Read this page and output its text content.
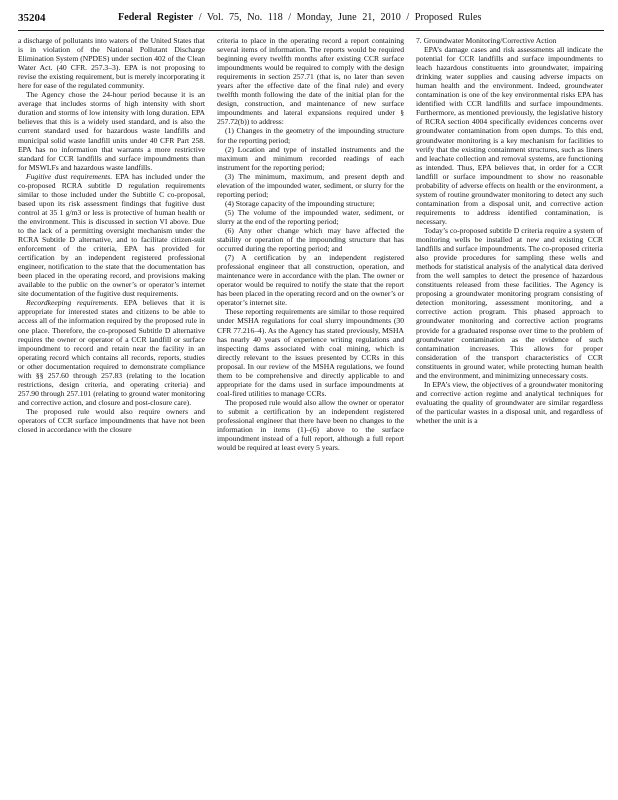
35204	Federal Register / Vol. 75, No. 118 / Monday, June 21, 2010 / Proposed Rules

a discharge of pollutants into waters of the United States that is in violation of the National Pollutant Discharge Elimination System (NPDES) under section 402 of the Clean Water Act. (40 CFR. 257.3–3). EPA is not proposing to revise the existing requirement, but is merely incorporating it here for ease of the regulated community.

The Agency chose the 24-hour period because it is an average that includes storms of high intensity with short duration and storms of low intensity with long duration. EPA believes that this is a widely used standard, and is also the current standard used for hazardous waste landfills and municipal solid waste landfill units under 40 CFR Part 258. EPA has no information that warrants a more restrictive standard for CCR landfills and surface impoundments than for MSWLFs and hazardous waste landfills.

Fugitive dust requirements. EPA has included under the co-proposed RCRA subtitle D regulation requirements similar to those included under the Subtitle C co-proposal, based upon its risk assessment findings that fugitive dust control at 35 1 g/m3 or less is protective of human health or the environment. This is discussed in section VI above. Due to the lack of a permitting oversight mechanism under the RCRA Subtitle D alternative, and to facilitate citizen-suit enforcement of the criteria, EPA has provided for certification by an independent registered professional engineer, notification to the state that the documentation has been placed in the operating record, and provisions making available to the public on the owner’s or operator’s internet site documentation of the fugitive dust requirements.

Recordkeeping requirements. EPA believes that it is appropriate for interested states and citizens to be able to access all of the information required by the proposed rule in one place. Therefore, the co-proposed Subtitle D alternative requires the owner or operator of a CCR landfill or surface impoundment to record and retain near the facility in an operating record which contains all records, reports, studies or other documentation required to demonstrate compliance with §§ 257.60 through 257.83 (relating to the location restrictions, design criteria, and operating criteria) and 257.90 through 257.101 (relating to ground water monitoring and corrective action, and closure and post-closure care).

The proposed rule would also require owners and operators of CCR surface impoundments that have not been closed in accordance with the closure

criteria to place in the operating record a report containing several items of information. The reports would be required beginning every twelfth months after existing CCR surface impoundments would be required to comply with the design requirements in section 257.71 (that is, no later than seven years after the effective date of the final rule) and every twelfth month following the date of the initial plan for the design, construction, and maintenance of new surface impoundments and lateral expansions required under § 257.72(b)) to address:

(1) Changes in the geometry of the impounding structure for the reporting period;

(2) Location and type of installed instruments and the maximum and minimum recorded readings of each instrument for the reporting period;

(3) The minimum, maximum, and present depth and elevation of the impounded water, sediment, or slurry for the reporting period;

(4) Storage capacity of the impounding structure;

(5) The volume of the impounded water, sediment, or slurry at the end of the reporting period;

(6) Any other change which may have affected the stability or operation of the impounding structure that has occurred during the reporting period; and

(7) A certification by an independent registered professional engineer that all construction, operation, and maintenance were in accordance with the plan. The owner or operator would be required to notify the state that the report has been placed in the operating record and on the owner’s or operator’s internet site.

These reporting requirements are similar to those required under MSHA regulations for coal slurry impoundments (30 CFR 77.216–4). As the Agency has stated previously, MSHA has nearly 40 years of experience writing regulations and inspecting dams associated with coal mining, which is directly relevant to the issues presented by CCRs in this proposal. In our review of the MSHA regulations, we found them to be comprehensive and directly applicable to and appropriate for the dams used in surface impoundments at coal-fired utilities to manage CCRs.

The proposed rule would also allow the owner or operator to submit a certification by an independent registered professional engineer that there have been no changes to the information in items (1)–(6) above to the surface impoundment instead of a full report, although a full report would be required at least every 5 years.

7. Groundwater Monitoring/Corrective Action

EPA’s damage cases and risk assessments all indicate the potential for CCR landfills and surface impoundments to leach hazardous constituents into groundwater, impairing drinking water supplies and causing adverse impacts on human health and the environment. Indeed, groundwater contamination is one of the key environmental risks EPA has identified with CCR landfills and surface impoundments. Furthermore, as mentioned previously, the legislative history of RCRA section 4004 specifically evidences concerns over groundwater contamination from open dumps. To this end, groundwater monitoring is a key mechanism for facilities to verify that the existing containment structures, such as liners and leachate collection and removal systems, are functioning as intended. Thus, EPA believes that, in order for a CCR landfill or surface impoundment to show no reasonable probability of adverse effects on health or the environment, a system of routine groundwater monitoring to detect any such contamination from a disposal unit, and corrective action requirements to address identified contamination, is necessary.

Today’s co-proposed subtitle D criteria require a system of monitoring wells be installed at new and existing CCR landfills and surface impoundments. The co-proposed criteria also provide procedures for sampling these wells and methods for statistical analysis of the analytical data derived from the well samples to detect the presence of hazardous constituents released from these facilities. The Agency is proposing a groundwater monitoring program consisting of detection monitoring, assessment monitoring, and a corrective action program. This phased approach to groundwater monitoring and corrective action programs provide for a graduated response over time to the problem of groundwater contamination as the evidence of such contamination increases. This allows for proper consideration of the transport characteristics of CCR constituents in ground water, while protecting human health and the environment, and minimizing unnecessary costs.

In EPA’s view, the objectives of a groundwater monitoring and corrective action regime and analytical techniques for evaluating the quality of groundwater are similar regardless of the particular wastes in a disposal unit, and regardless of whether the unit is a
